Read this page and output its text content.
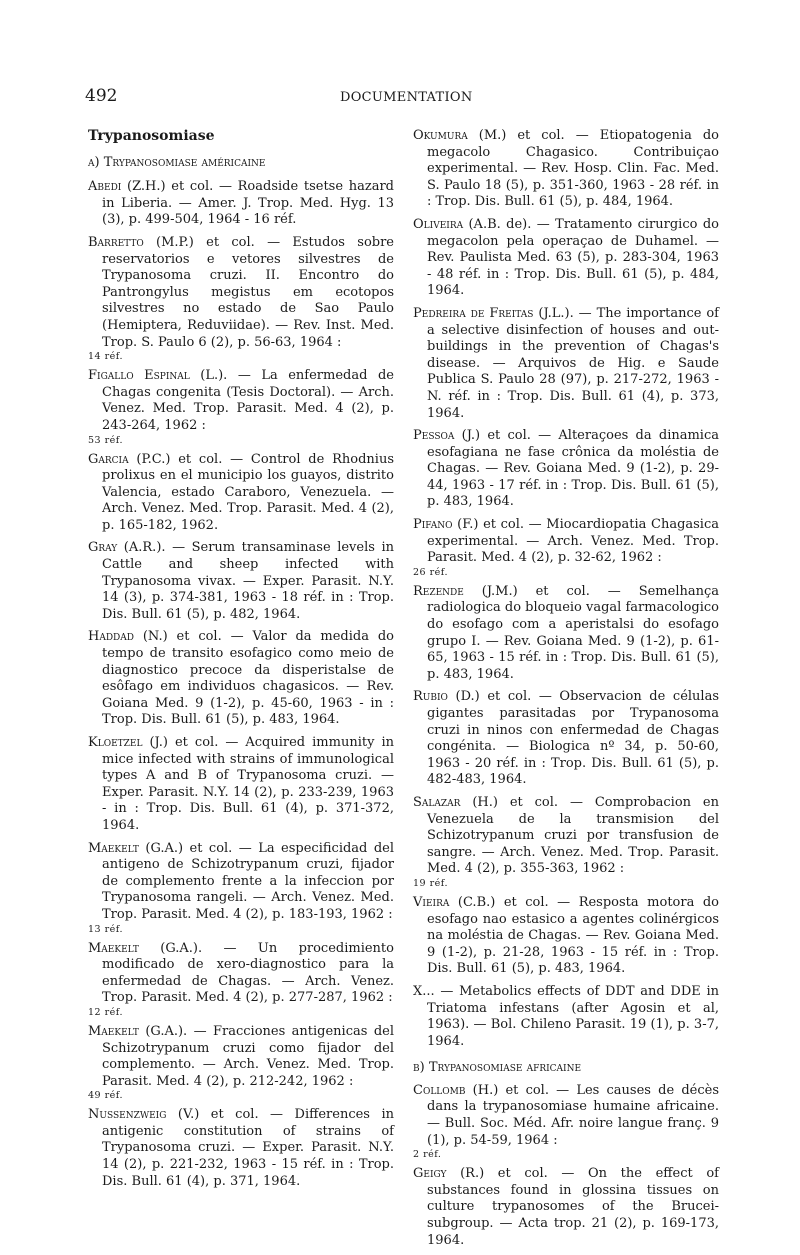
492	DOCUMENTATION
Trypanosomiase
a) Trypanosomiase américaine
Abedi (Z.H.) et col. — Roadside tsetse hazard in Liberia. — Amer. J. Trop. Med. Hyg. 13 (3), p. 499-504, 1964 - 16 réf.
Barretto (M.P.) et col. — Estudos sobre reservatorios e vetores silvestres de Trypanosoma cruzi. II. Encontro do Pantrongylus megistus em ecotopos silvestres no estado de Sao Paulo (Hemiptera, Reduviidae). — Rev. Inst. Med. Trop. S. Paulo 6 (2), p. 56-63, 1964 :
14 réf.
Figallo Espinal (L.). — La enfermedad de Chagas congenita (Tesis Doctoral). — Arch. Venez. Med. Trop. Parasit. Med. 4 (2), p. 243-264, 1962 :
53 réf.
Garcia (P.C.) et col. — Control de Rhodnius prolixus en el municipio los guayos, distrito Valencia, estado Caraboro, Venezuela. — Arch. Venez. Med. Trop. Parasit. Med. 4 (2), p. 165-182, 1962.
Gray (A.R.). — Serum transaminase levels in Cattle and sheep infected with Trypanosoma vivax. — Exper. Parasit. N.Y. 14 (3), p. 374-381, 1963 - 18 réf. in : Trop. Dis. Bull. 61 (5), p. 482, 1964.
Haddad (N.) et col. — Valor da medida do tempo de transito esofagico como meio de diagnostico precoce da disperistalse de esôfago em individuos chagasicos. — Rev. Goiana Med. 9 (1-2), p. 45-60, 1963 - in : Trop. Dis. Bull. 61 (5), p. 483, 1964.
Kloetzel (J.) et col. — Acquired immunity in mice infected with strains of immunological types A and B of Trypanosoma cruzi. — Exper. Parasit. N.Y. 14 (2), p. 233-239, 1963 - in : Trop. Dis. Bull. 61 (4), p. 371-372, 1964.
Maekelt (G.A.) et col. — La especificidad del antigeno de Schizotrypanum cruzi, fijador de complemento frente a la infeccion por Trypanosoma rangeli. — Arch. Venez. Med. Trop. Parasit. Med. 4 (2), p. 183-193, 1962 :
13 réf.
Maekelt (G.A.). — Un procedimiento modificado de xero-diagnostico para la enfermedad de Chagas. — Arch. Venez. Trop. Parasit. Med. 4 (2), p. 277-287, 1962 :
12 réf.
Maekelt (G.A.). — Fracciones antigenicas del Schizotrypanum cruzi como fijador del complemento. — Arch. Venez. Med. Trop. Parasit. Med. 4 (2), p. 212-242, 1962 :
49 réf.
Nussenzweig (V.) et col. — Differences in antigenic constitution of strains of Trypanosoma cruzi. — Exper. Parasit. N.Y. 14 (2), p. 221-232, 1963 - 15 réf. in : Trop. Dis. Bull. 61 (4), p. 371, 1964.
Okumura (M.) et col. — Etiopatogenia do megacolo Chagasico. Contribuiçao experimental. — Rev. Hosp. Clin. Fac. Med. S. Paulo 18 (5), p. 351-360, 1963 - 28 réf. in : Trop. Dis. Bull. 61 (5), p. 484, 1964.
Oliveira (A.B. de). — Tratamento cirurgico do megacolon pela operaçao de Duhamel. — Rev. Paulista Med. 63 (5), p. 283-304, 1963 - 48 réf. in : Trop. Dis. Bull. 61 (5), p. 484, 1964.
Pedreira de Freitas (J.L.). — The importance of a selective disinfection of houses and out-buildings in the prevention of Chagas's disease. — Arquivos de Hig. e Saude Publica S. Paulo 28 (97), p. 217-272, 1963 - N. réf. in : Trop. Dis. Bull. 61 (4), p. 373, 1964.
Pessoa (J.) et col. — Alteraçoes da dinamica esofagiana ne fase crônica da moléstia de Chagas. — Rev. Goiana Med. 9 (1-2), p. 29-44, 1963 - 17 réf. in : Trop. Dis. Bull. 61 (5), p. 483, 1964.
Pifano (F.) et col. — Miocardiopatia Chagasica experimental. — Arch. Venez. Med. Trop. Parasit. Med. 4 (2), p. 32-62, 1962 :
26 réf.
Rezende (J.M.) et col. — Semelhança radiologica do bloqueio vagal farmacologico do esofago com a aperistalsi do esofago grupo I. — Rev. Goiana Med. 9 (1-2), p. 61-65, 1963 - 15 réf. in : Trop. Dis. Bull. 61 (5), p. 483, 1964.
Rubio (D.) et col. — Observacion de células gigantes parasitadas por Trypanosoma cruzi in ninos con enfermedad de Chagas congénita. — Biologica nº 34, p. 50-60, 1963 - 20 réf. in : Trop. Dis. Bull. 61 (5), p. 482-483, 1964.
Salazar (H.) et col. — Comprobacion en Venezuela de la transmision del Schizotrypanum cruzi por transfusion de sangre. — Arch. Venez. Med. Trop. Parasit. Med. 4 (2), p. 355-363, 1962 :
19 réf.
Vieira (C.B.) et col. — Resposta motora do esofago nao estasico a agentes colinérgicos na moléstia de Chagas. — Rev. Goiana Med. 9 (1-2), p. 21-28, 1963 - 15 réf. in : Trop. Dis. Bull. 61 (5), p. 483, 1964.
X... — Metabolics effects of DDT and DDE in Triatoma infestans (after Agosin et al, 1963). — Bol. Chileno Parasit. 19 (1), p. 3-7, 1964.
b) Trypanosomiase africaine
Collomb (H.) et col. — Les causes de décès dans la trypanosomiase humaine africaine. — Bull. Soc. Méd. Afr. noire langue franç. 9 (1), p. 54-59, 1964 :
2 réf.
Geigy (R.) et col. — On the effect of substances found in glossina tissues on culture trypanosomes of the Brucei-subgroup. — Acta trop. 21 (2), p. 169-173, 1964.
